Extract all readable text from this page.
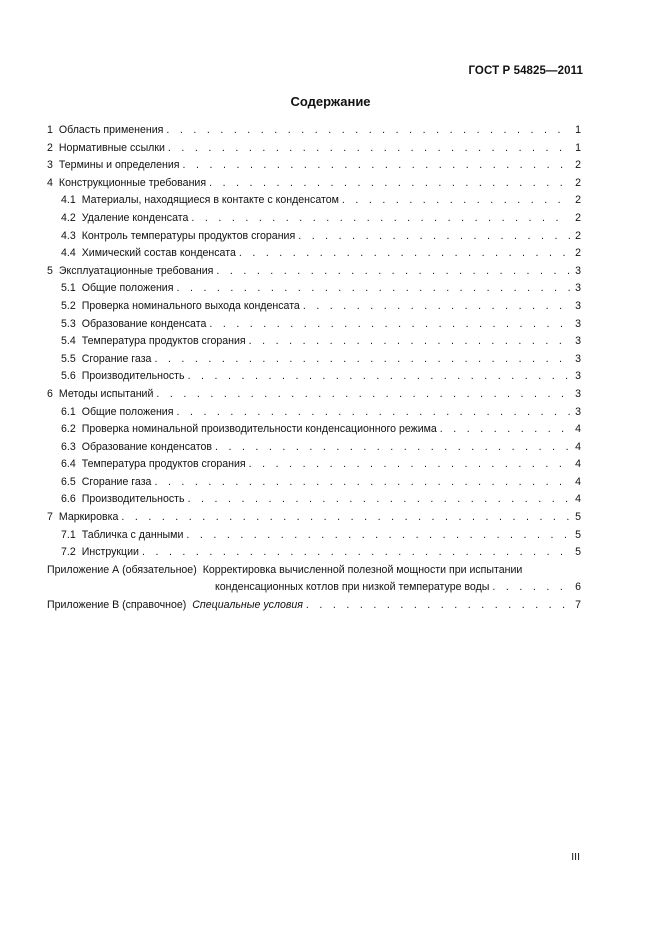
ГОСТ Р 54825—2011
Содержание
1 Область применения . . .	1
2 Нормативные ссылки . . .	1
3 Термины и определения . . .	2
4 Конструкционные требования . . .	2
4.1 Материалы, находящиеся в контакте с конденсатом . . .	2
4.2 Удаление конденсата . . .	2
4.3 Контроль температуры продуктов сгорания . . .	2
4.4 Химический состав конденсата . . .	2
5 Эксплуатационные требования . . .	3
5.1 Общие положения . . .	3
5.2 Проверка номинального выхода конденсата . . .	3
5.3 Образование конденсата . . .	3
5.4 Температура продуктов сгорания . . .	3
5.5 Сгорание газа . . .	3
5.6 Производительность . . .	3
6 Методы испытаний . . .	3
6.1 Общие положения . . .	3
6.2 Проверка номинальной производительности конденсационного режима . . .	4
6.3 Образование конденсатов . . .	4
6.4 Температура продуктов сгорания . . .	4
6.5 Сгорание газа . . .	4
6.6 Производительность . . .	4
7 Маркировка . . .	5
7.1 Табличка с данными . . .	5
7.2 Инструкции . . .	5
Приложение А (обязательное) Корректировка вычисленной полезной мощности при испытании
конденсационных котлов при низкой температуре воды . . .	6
Приложение В (справочное) Специальные условия . . .	7
III
